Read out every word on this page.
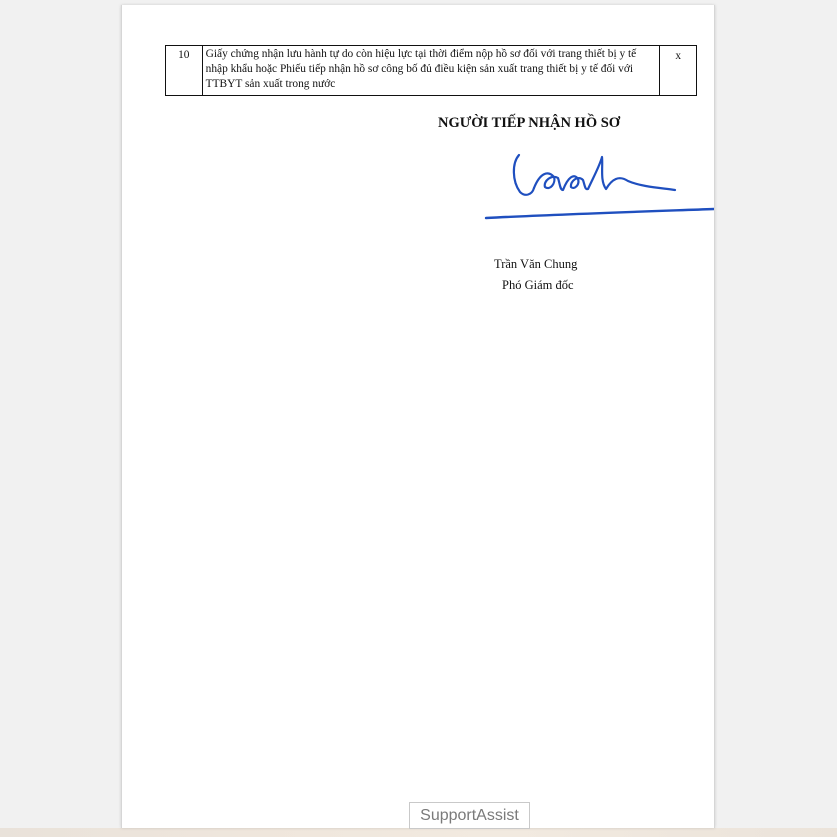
10	Giấy chứng nhận lưu hành tự do còn hiệu lực tại thời điểm nộp hồ sơ đối với trang thiết bị y tế nhập khẩu hoặc Phiếu tiếp nhận hồ sơ công bố đủ điều kiện sản xuất trang thiết bị y tế đối với TTBYT sản xuất trong nước	x
NGƯỜI TIẾP NHẬN HỒ SƠ
Trần Văn Chung
Phó Giám đốc
SupportAssist
